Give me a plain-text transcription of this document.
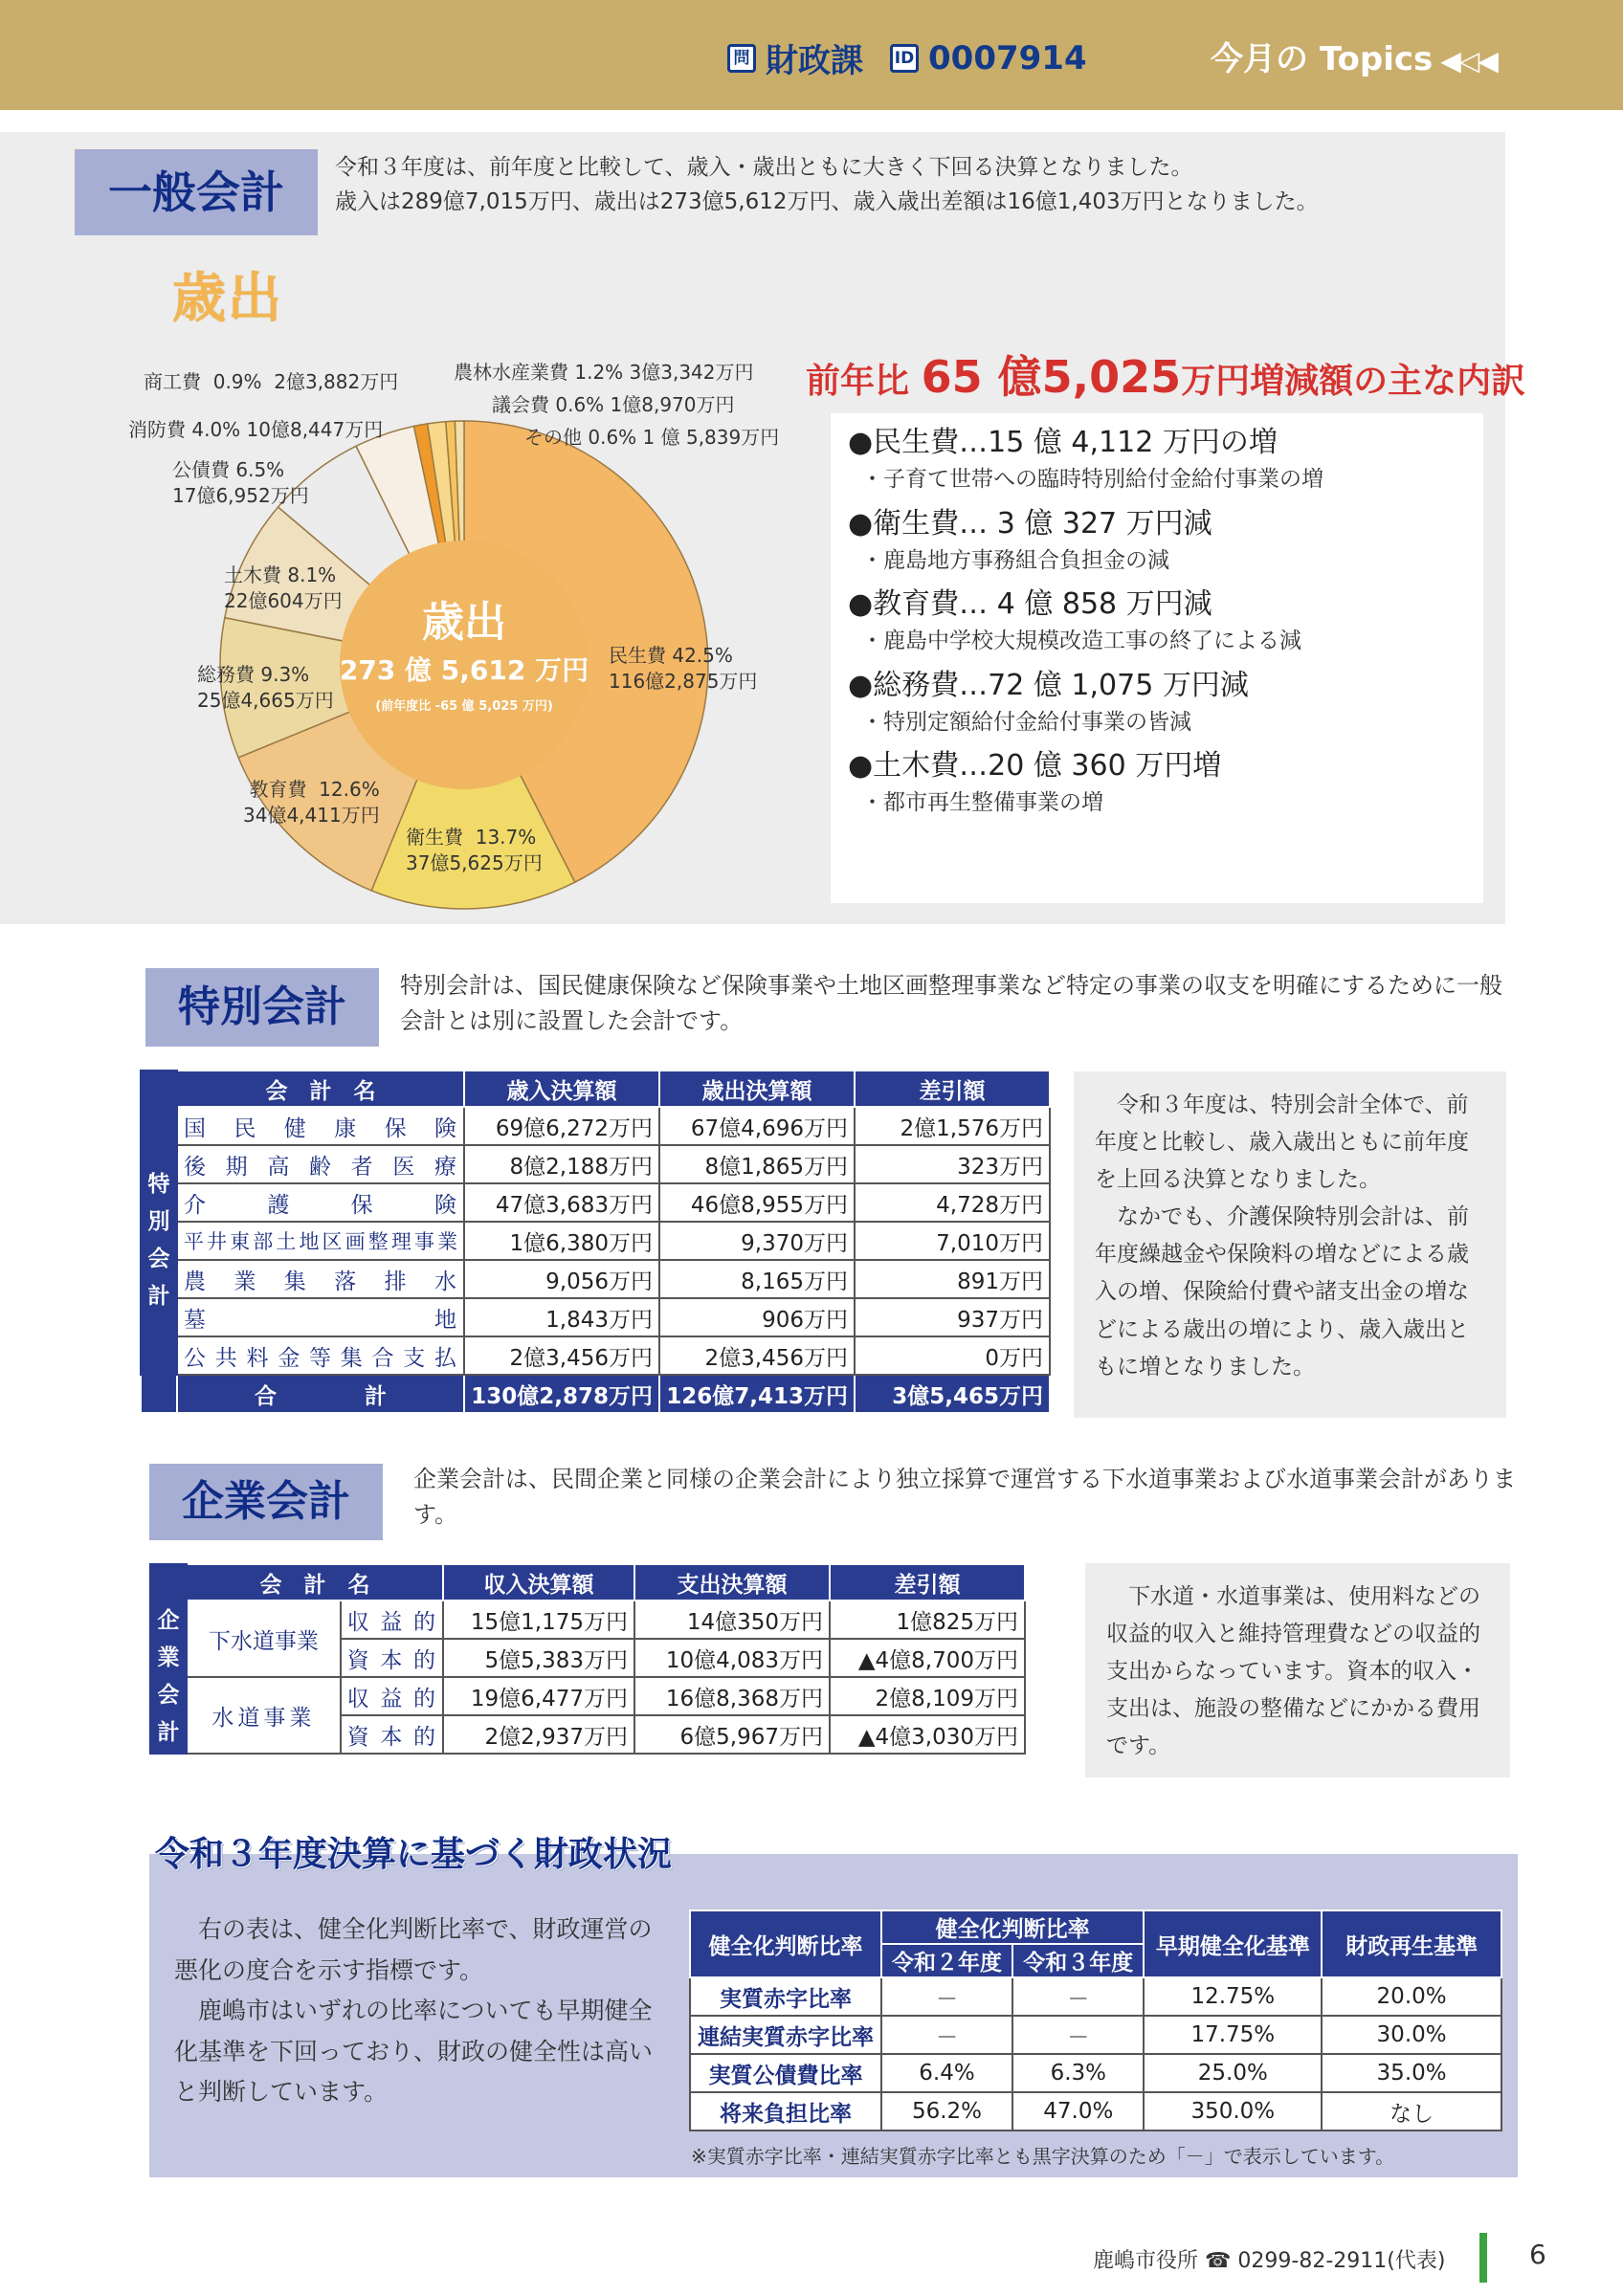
問 財政課 ID 0007914	今月の Topics ◀◁◀
一般会計	令和３年度は、前年度と比較して、歳入・歳出ともに大きく下回る決算となりました。
歳入は289億7,015万円、歳出は273億5,612万円、歳入歳出差額は16億1,403万円となりました。
歳出
歳出
273 億 5,612 万円
(前年度比 -65 億 5,025 万円)
民生費 42.5%
116億2,875万円
衛生費 13.7%
37億5,625万円
教育費 12.6%
34億4,411万円
総務費 9.3%
25億4,665万円
土木費 8.1%
22億604万円
公債費 6.5%
17億6,952万円
消防費 4.0% 10億8,447万円
商工費 0.9% 2億3,882万円	農林水産業費 1.2% 3億3,342万円
議会費 0.6% 1億8,970万円
その他 0.6% 1 億 5,839万円
前年比 65 億5,025万円増減額の主な内訳
●民生費…15 億 4,112 万円の増
・子育て世帯への臨時特別給付金給付事業の増
●衛生費… 3 億 327 万円減
・鹿島地方事務組合負担金の減
●教育費… 4 億 858 万円減
・鹿島中学校大規模改造工事の終了による減
●総務費…72 億 1,075 万円減
・特別定額給付金給付事業の皆減
●土木費…20 億 360 万円増
・都市再生整備事業の増
特別会計	特別会計は、国民健康保険など保険事業や土地区画整理事業など特定の事業の収支を明確にするために一般会計とは別に設置した会計です。
	会　計　名	歳入決算額	歳出決算額	差引額
特別会計	国民健康保険	69億6,272万円	67億4,696万円	2億1,576万円
	後期高齢者医療	8億2,188万円	8億1,865万円	323万円
	介護保険	47億3,683万円	46億8,955万円	4,728万円
	平井東部土地区画整理事業	1億6,380万円	9,370万円	7,010万円
	農業集落排水	9,056万円	8,165万円	891万円
	墓地	1,843万円	906万円	937万円
	公共料金等集合支払	2億3,456万円	2億3,456万円	0万円
	合　　　　計	130億2,878万円	126億7,413万円	3億5,465万円

令和３年度は、特別会計全体で、前年度と比較し、歳入歳出ともに前年度を上回る決算となりました。

なかでも、介護保険特別会計は、前年度繰越金や保険料の増などによる歳入の増、保険給付費や諸支出金の増などによる歳出の増により、歳入歳出ともに増となりました。

企業会計	企業会計は、民間企業と同様の企業会計により独立採算で運営する下水道事業および水道事業会計があります。
	会　計　名		収入決算額	支出決算額	差引額
企業会計	下水道事業	収益的	15億1,175万円	14億350万円	1億825万円
		資本的	5億5,383万円	10億4,083万円	▲4億8,700万円
	水道事業	収益的	19億6,477万円	16億8,368万円	2億8,109万円
		資本的	2億2,937万円	6億5,967万円	▲4億3,030万円

下水道・水道事業は、使用料などの収益的収入と維持管理費などの収益的支出からなっています。資本的収入・支出は、施設の整備などにかかる費用です。

令和３年度決算に基づく財政状況

右の表は、健全化判断比率で、財政運営の悪化の度合を示す指標です。

鹿嶋市はいずれの比率についても早期健全化基準を下回っており、財政の健全性は高いと判断しています。

健全化判断比率	健全化判断比率		早期健全化基準	財政再生基準
	令和２年度	令和３年度		
実質赤字比率	－	－	12.75%	20.0%
連結実質赤字比率	－	－	17.75%	30.0%
実質公債費比率	6.4%	6.3%	25.0%	35.0%
将来負担比率	56.2%	47.0%	350.0%	なし
※実質赤字比率・連結実質赤字比率とも黒字決算のため「－」で表示しています。
鹿嶋市役所 ☎ 0299-82-2911(代表)	6
